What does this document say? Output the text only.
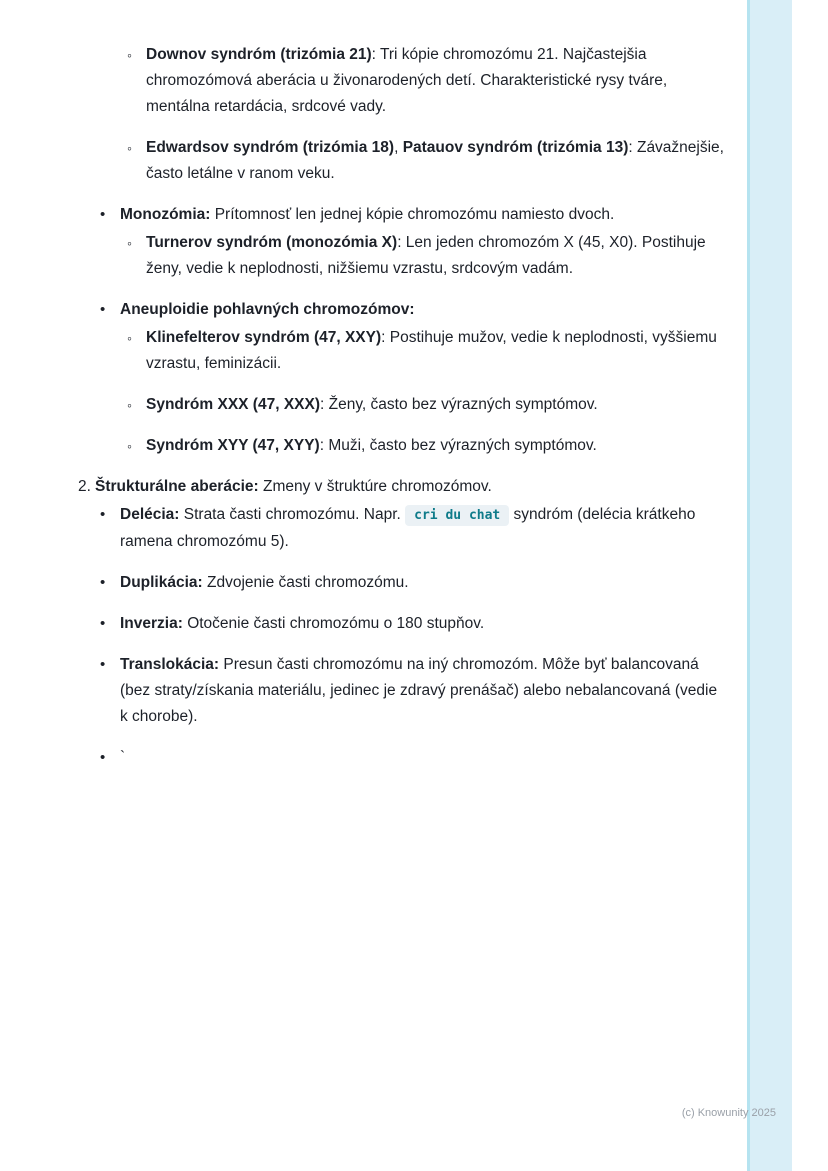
◦ Downov syndróm (trizómia 21): Tri kópie chromozómu 21. Najčastejšia chromozómová aberácia u živonarodených detí. Charakteristické rysy tváre, mentálna retardácia, srdcové vady.
◦ Edwardsov syndróm (trizómia 18), Patauov syndróm (trizómia 13): Závažnejšie, často letálne v ranom veku.
• Monozómia: Prítomnosť len jednej kópie chromozómu namiesto dvoch.
◦ Turnerov syndróm (monozómia X): Len jeden chromozóm X (45, X0). Postihuje ženy, vedie k neplodnosti, nižšiemu vzrastu, srdcovým vadám.
• Aneuploidie pohlavných chromozómov:
◦ Klinefelterov syndróm (47, XXY): Postihuje mužov, vedie k neplodnosti, vyššiemu vzrastu, feminizácii.
◦ Syndróm XXX (47, XXX): Ženy, často bez výrazných symptómov.
◦ Syndróm XYY (47, XYY): Muži, často bez výrazných symptómov.
2. Štrukturálne aberácie: Zmeny v štruktúre chromozómov.
• Delécia: Strata časti chromozómu. Napr. cri du chat syndróm (delécia krátkeho ramena chromozómu 5).
• Duplikácia: Zdvojenie časti chromozómu.
• Inverzia: Otočenie časti chromozómu o 180 stupňov.
• Translokácia: Presun časti chromozómu na iný chromozóm. Môže byť balancovaná (bez straty/získania materiálu, jedinec je zdravý prenášač) alebo nebalancovaná (vedie k chorobe).
• `
(c) Knowunity 2025
